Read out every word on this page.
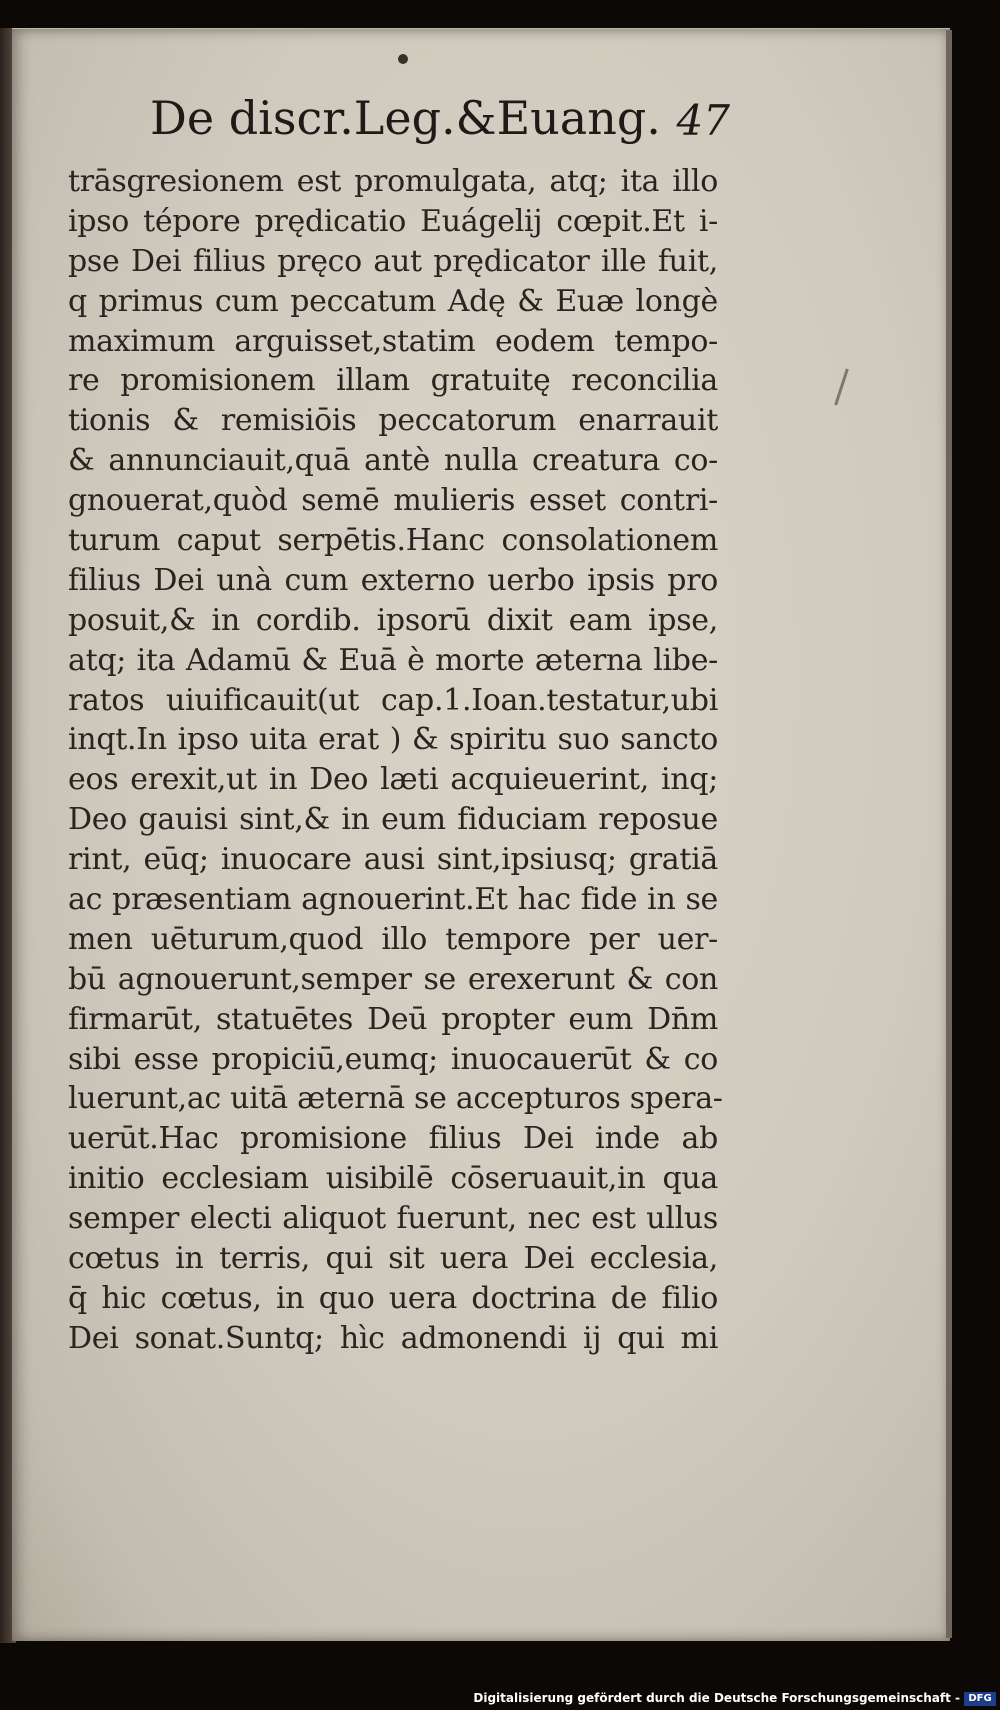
De discr.Leg.&Euang. 47
trāsgresionem est promulgata, atq; ita illo
ipso tépore prędicatio Euágelij cœpit.Et i-
pse Dei filius pręco aut prędicator ille fuit,
q primus cum peccatum Adę & Euæ longè
maximum arguisset,statim eodem tempo-
re promisionem illam gratuitę reconcilia
tionis & remisiōis peccatorum enarrauit
& annunciauit,quā antè nulla creatura co-
gnouerat,quòd semē mulieris esset contri-
turum caput serpētis.Hanc consolationem
filius Dei unà cum externo uerbo ipsis pro
posuit,& in cordib. ipsorū dixit eam ipse,
atq; ita Adamū & Euā è morte æterna libe-
ratos uiuificauit(ut cap.1.Ioan.testatur,ubi
inqt.In ipso uita erat ) & spiritu suo sancto
eos erexit,ut in Deo læti acquieuerint, inq;
Deo gauisi sint,& in eum fiduciam reposue
rint, eūq; inuocare ausi sint,ipsiusq; gratiā
ac præsentiam agnouerint.Et hac fide in se
men uēturum,quod illo tempore per uer-
bū agnouerunt,semper se erexerunt & con
firmarūt, statuētes Deū propter eum Dn̄m
sibi esse propiciū,eumq; inuocauerūt & co
luerunt,ac uitā æternā se accepturos spera-
uerūt.Hac promisione filius Dei inde ab
initio ecclesiam uisibilē cōseruauit,in qua
semper electi aliquot fuerunt, nec est ullus
cœtus in terris, qui sit uera Dei ecclesia,
q̄ hic cœtus, in quo uera doctrina de filio
Dei sonat.Suntq; hìc admonendi ij qui mi
Digitalisierung gefördert durch die Deutsche Forschungsgemeinschaft - DFG
